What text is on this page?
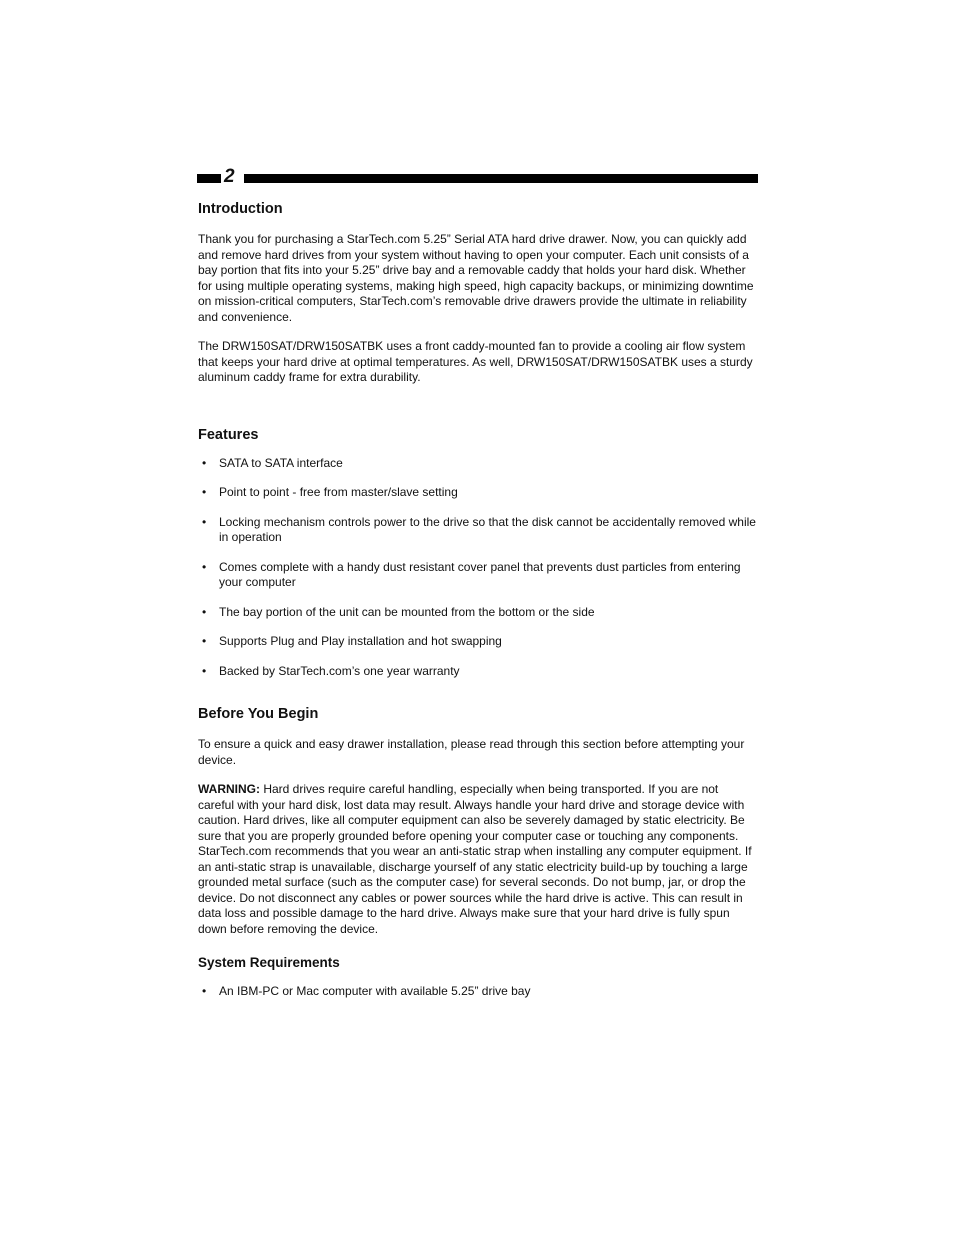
2
Introduction

Thank you for purchasing a StarTech.com 5.25” Serial ATA hard drive drawer. Now, you can quickly add and remove hard drives from your system without having to open your computer. Each unit consists of a bay portion that fits into your 5.25” drive bay and a removable caddy that holds your hard disk. Whether for using multiple operating systems, making high speed, high capacity backups, or minimizing downtime on mission-critical computers, StarTech.com’s removable drive drawers provide the ultimate in reliability and convenience.

The DRW150SAT/DRW150SATBK uses a front caddy-mounted fan to provide a cooling air flow system that keeps your hard drive at optimal temperatures. As well, DRW150SAT/DRW150SATBK uses a sturdy aluminum caddy frame for extra durability.

Features
• SATA to SATA interface
• Point to point - free from master/slave setting
• Locking mechanism controls power to the drive so that the disk cannot be accidentally removed while in operation
• Comes complete with a handy dust resistant cover panel that prevents dust particles from entering your computer
• The bay portion of the unit can be mounted from the bottom or the side
• Supports Plug and Play installation and hot swapping
• Backed by StarTech.com’s one year warranty
Before You Begin

To ensure a quick and easy drawer installation, please read through this section before attempting your device.

WARNING: Hard drives require careful handling, especially when being transported. If you are not careful with your hard disk, lost data may result. Always handle your hard drive and storage device with caution. Hard drives, like all computer equipment can also be severely damaged by static electricity. Be sure that you are properly grounded before opening your computer case or touching any components. StarTech.com recommends that you wear an anti-static strap when installing any computer equipment. If an anti-static strap is unavailable, discharge yourself of any static electricity build-up by touching a large grounded metal surface (such as the computer case) for several seconds. Do not bump, jar, or drop the device. Do not disconnect any cables or power sources while the hard drive is active. This can result in data loss and possible damage to the hard drive. Always make sure that your hard drive is fully spun down before removing the device.

System Requirements
• An IBM-PC or Mac computer with available 5.25” drive bay
